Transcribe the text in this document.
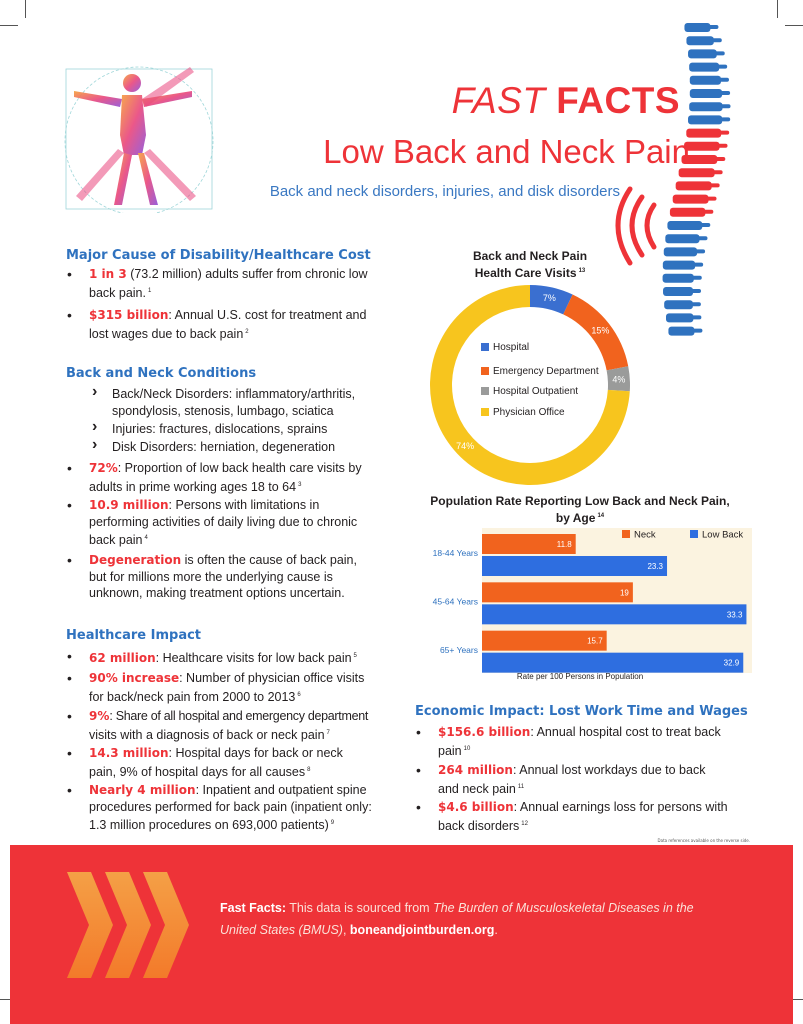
FAST FACTS
Low Back and Neck Pain
Back and neck disorders, injuries, and disk disorders
Major Cause of Disability/Healthcare Cost
• 1 in 3 (73.2 million) adults suffer from chronic low
back pain. $^1$
• $315 billion: Annual U.S. cost for treatment and
lost wages due to back pain $^2$
Back and Neck Conditions
› Back/Neck Disorders: inflammatory/arthritis,
spondylosis, stenosis, lumbago, sciatica
› Injuries: fractures, dislocations, sprains
› Disk Disorders: herniation, degeneration
• 72%: Proportion of low back health care visits by
adults in prime working ages 18 to 64 $^3$
• 10.9 million: Persons with limitations in
performing activities of daily living due to chronic
back pain $^4$
• Degeneration is often the cause of back pain,
but for millions more the underlying cause is
unknown, making treatment options uncertain.
Healthcare Impact
• 62 million: Healthcare visits for low back pain $^5$
• 90% increase: Number of physician office visits
for back/neck pain from 2000 to 2013 $^6$
• 9%: Share of all hospital and emergency department
visits with a diagnosis of back or neck pain $^7$
• 14.3 million: Hospital days for back or neck
pain, 9% of hospital days for all causes $^8$
• Nearly 4 million: Inpatient and outpatient spine
procedures performed for back pain (inpatient only:
1.3 million procedures on 693,000 patients) $^9$
Back and Neck Pain
Health Care Visits $^{13}$
7%
15%
4%
74%
Hospital
Emergency Department
Hospital Outpatient
Physician Office
Population Rate Reporting Low Back and Neck Pain,
by Age $^{14}$
Neck	Low Back
18-44 Years
11.8
23.3
45-64 Years
19
33.3
65+ Years
15.7
32.9
Rate per 100 Persons in Population
Economic Impact: Lost Work Time and Wages
• $156.6 billion: Annual hospital cost to treat back
pain $^{10}$
• 264 million: Annual lost workdays due to back
and neck pain $^{11}$
• $4.6 billion: Annual earnings loss for persons with
back disorders $^{12}$
Data references available on the reverse side.
Fast Facts: This data is sourced from The Burden of Musculoskeletal Diseases in the United States (BMUS), boneandjointburden.org.
